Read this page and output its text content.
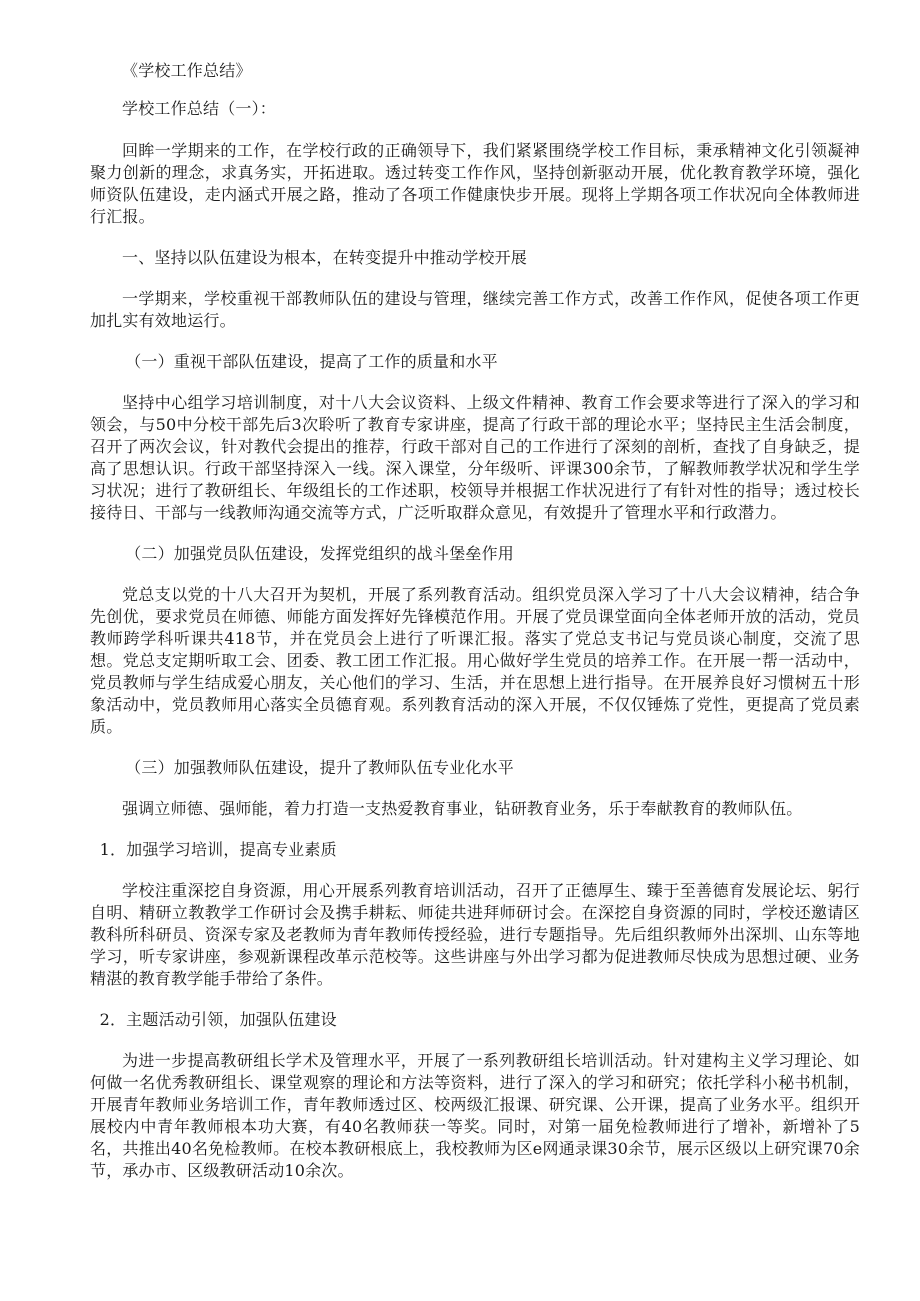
《学校工作总结》

学校工作总结（一）：

回眸一学期来的工作，在学校行政的正确领导下，我们紧紧围绕学校工作目标，秉承精神文化引领凝神聚力创新的理念，求真务实，开拓进取。透过转变工作作风，坚持创新驱动开展，优化教育教学环境，强化师资队伍建设，走内涵式开展之路，推动了各项工作健康快步开展。现将上学期各项工作状况向全体教师进行汇报。

一、坚持以队伍建设为根本，在转变提升中推动学校开展

一学期来，学校重视干部教师队伍的建设与管理，继续完善工作方式，改善工作作风，促使各项工作更加扎实有效地运行。

（一）重视干部队伍建设，提高了工作的质量和水平

坚持中心组学习培训制度，对十八大会议资料、上级文件精神、教育工作会要求等进行了深入的学习和领会，与50中分校干部先后3次聆听了教育专家讲座，提高了行政干部的理论水平；坚持民主生活会制度，召开了两次会议，针对教代会提出的推荐，行政干部对自己的工作进行了深刻的剖析，查找了自身缺乏，提高了思想认识。行政干部坚持深入一线。深入课堂，分年级听、评课300余节，了解教师教学状况和学生学习状况；进行了教研组长、年级组长的工作述职，校领导并根据工作状况进行了有针对性的指导；透过校长接待日、干部与一线教师沟通交流等方式，广泛听取群众意见，有效提升了管理水平和行政潜力。

（二）加强党员队伍建设，发挥党组织的战斗堡垒作用

党总支以党的十八大召开为契机，开展了系列教育活动。组织党员深入学习了十八大会议精神，结合争先创优，要求党员在师德、师能方面发挥好先锋模范作用。开展了党员课堂面向全体老师开放的活动，党员教师跨学科听课共418节，并在党员会上进行了听课汇报。落实了党总支书记与党员谈心制度，交流了思想。党总支定期听取工会、团委、教工团工作汇报。用心做好学生党员的培养工作。在开展一帮一活动中，党员教师与学生结成爱心朋友，关心他们的学习、生活，并在思想上进行指导。在开展养良好习惯树五十形象活动中，党员教师用心落实全员德育观。系列教育活动的深入开展，不仅仅锤炼了党性，更提高了党员素质。

（三）加强教师队伍建设，提升了教师队伍专业化水平

强调立师德、强师能，着力打造一支热爱教育事业，钻研教育业务，乐于奉献教育的教师队伍。

1．加强学习培训，提高专业素质

学校注重深挖自身资源，用心开展系列教育培训活动，召开了正德厚生、臻于至善德育发展论坛、躬行自明、精研立教教学工作研讨会及携手耕耘、师徒共进拜师研讨会。在深挖自身资源的同时，学校还邀请区教科所科研员、资深专家及老教师为青年教师传授经验，进行专题指导。先后组织教师外出深圳、山东等地学习，听专家讲座，参观新课程改革示范校等。这些讲座与外出学习都为促进教师尽快成为思想过硬、业务精湛的教育教学能手带给了条件。

2．主题活动引领，加强队伍建设

为进一步提高教研组长学术及管理水平，开展了一系列教研组长培训活动。针对建构主义学习理论、如何做一名优秀教研组长、课堂观察的理论和方法等资料，进行了深入的学习和研究；依托学科小秘书机制，开展青年教师业务培训工作，青年教师透过区、校两级汇报课、研究课、公开课，提高了业务水平。组织开展校内中青年教师根本功大赛，有40名教师获一等奖。同时，对第一届免检教师进行了增补，新增补了5名，共推出40名免检教师。在校本教研根底上，我校教师为区e网通录课30余节，展示区级以上研究课70余节，承办市、区级教研活动10余次。
